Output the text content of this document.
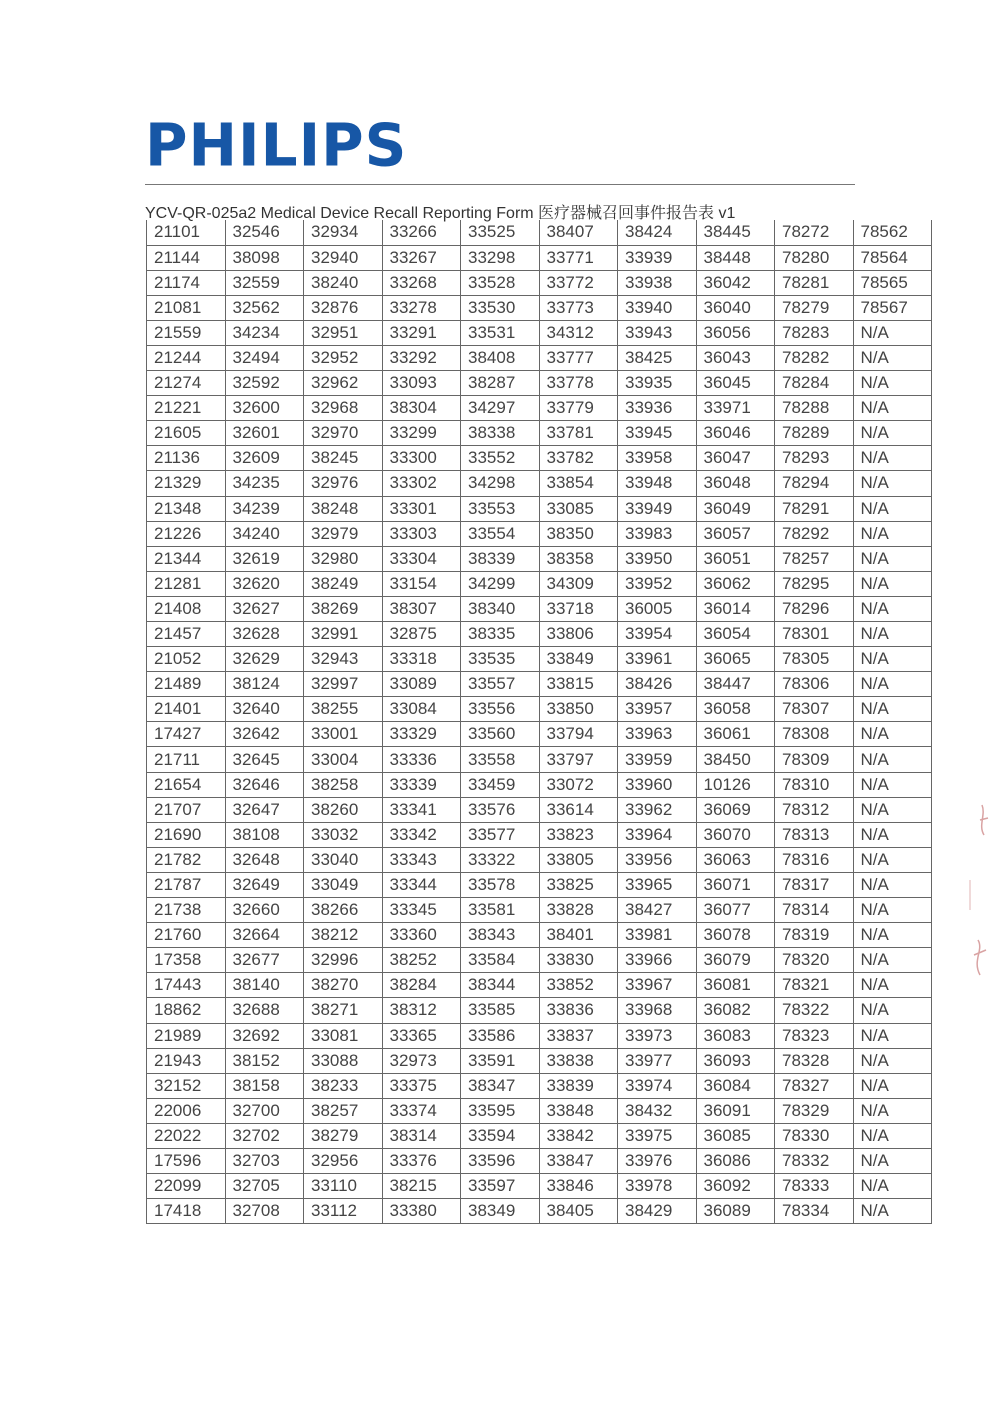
PHILIPS
YCV-QR-025a2 Medical Device Recall Reporting Form 医疗器械召回事件报告表 v1
21101	32546	32934	33266	33525	38407	38424	38445	78272	78562
21144	38098	32940	33267	33298	33771	33939	38448	78280	78564
21174	32559	38240	33268	33528	33772	33938	36042	78281	78565
21081	32562	32876	33278	33530	33773	33940	36040	78279	78567
21559	34234	32951	33291	33531	34312	33943	36056	78283	N/A
21244	32494	32952	33292	38408	33777	38425	36043	78282	N/A
21274	32592	32962	33093	38287	33778	33935	36045	78284	N/A
21221	32600	32968	38304	34297	33779	33936	33971	78288	N/A
21605	32601	32970	33299	38338	33781	33945	36046	78289	N/A
21136	32609	38245	33300	33552	33782	33958	36047	78293	N/A
21329	34235	32976	33302	34298	33854	33948	36048	78294	N/A
21348	34239	38248	33301	33553	33085	33949	36049	78291	N/A
21226	34240	32979	33303	33554	38350	33983	36057	78292	N/A
21344	32619	32980	33304	38339	38358	33950	36051	78257	N/A
21281	32620	38249	33154	34299	34309	33952	36062	78295	N/A
21408	32627	38269	38307	38340	33718	36005	36014	78296	N/A
21457	32628	32991	32875	38335	33806	33954	36054	78301	N/A
21052	32629	32943	33318	33535	33849	33961	36065	78305	N/A
21489	38124	32997	33089	33557	33815	38426	38447	78306	N/A
21401	32640	38255	33084	33556	33850	33957	36058	78307	N/A
17427	32642	33001	33329	33560	33794	33963	36061	78308	N/A
21711	32645	33004	33336	33558	33797	33959	38450	78309	N/A
21654	32646	38258	33339	33459	33072	33960	10126	78310	N/A
21707	32647	38260	33341	33576	33614	33962	36069	78312	N/A
21690	38108	33032	33342	33577	33823	33964	36070	78313	N/A
21782	32648	33040	33343	33322	33805	33956	36063	78316	N/A
21787	32649	33049	33344	33578	33825	33965	36071	78317	N/A
21738	32660	38266	33345	33581	33828	38427	36077	78314	N/A
21760	32664	38212	33360	38343	38401	33981	36078	78319	N/A
17358	32677	32996	38252	33584	33830	33966	36079	78320	N/A
17443	38140	38270	38284	38344	33852	33967	36081	78321	N/A
18862	32688	38271	38312	33585	33836	33968	36082	78322	N/A
21989	32692	33081	33365	33586	33837	33973	36083	78323	N/A
21943	38152	33088	32973	33591	33838	33977	36093	78328	N/A
32152	38158	38233	33375	38347	33839	33974	36084	78327	N/A
22006	32700	38257	33374	33595	33848	38432	36091	78329	N/A
22022	32702	38279	38314	33594	33842	33975	36085	78330	N/A
17596	32703	32956	33376	33596	33847	33976	36086	78332	N/A
22099	32705	33110	38215	33597	33846	33978	36092	78333	N/A
17418	32708	33112	33380	38349	38405	38429	36089	78334	N/A
